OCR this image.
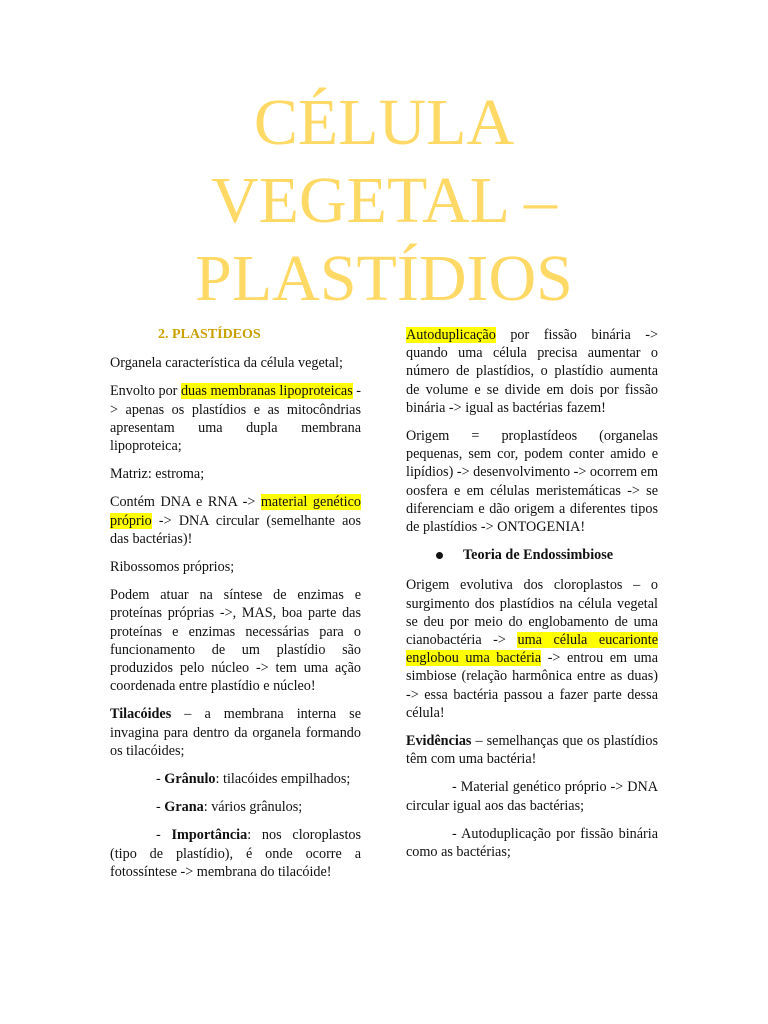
CÉLULA
VEGETAL –
PLASTÍDIOS

2. PLASTÍDEOS

Organela característica da célula vegetal;

Envolto por duas membranas lipoproteicas -> apenas os plastídios e as mitocôndrias apresentam uma dupla membrana lipoproteica;

Matriz: estroma;

Contém DNA e RNA -> material genético próprio -> DNA circular (semelhante aos das bactérias)!

Ribossomos próprios;

Podem atuar na síntese de enzimas e proteínas próprias ->, MAS, boa parte das proteínas e enzimas necessárias para o funcionamento de um plastídio são produzidos pelo núcleo -> tem uma ação coordenada entre plastídio e núcleo!

Tilacóides – a membrana interna se invagina para dentro da organela formando os tilacóides;

- Grânulo: tilacóides empilhados;

- Grana: vários grânulos;

- Importância: nos cloroplastos (tipo de plastídio), é onde ocorre a fotossíntese -> membrana do tilacóide!

Autoduplicação por fissão binária -> quando uma célula precisa aumentar o número de plastídios, o plastídio aumenta de volume e se divide em dois por fissão binária -> igual as bactérias fazem!

Origem = proplastídeos (organelas pequenas, sem cor, podem conter amido e lipídios) -> desenvolvimento -> ocorrem em oosfera e em células meristemáticas -> se diferenciam e dão origem a diferentes tipos de plastídios -> ONTOGENIA!

Teoria de Endossimbiose

Origem evolutiva dos cloroplastos – o surgimento dos plastídios na célula vegetal se deu por meio do englobamento de uma cianobactéria -> uma célula eucarionte englobou uma bactéria -> entrou em uma simbiose (relação harmônica entre as duas) -> essa bactéria passou a fazer parte dessa célula!

Evidências – semelhanças que os plastídios têm com uma bactéria!

- Material genético próprio -> DNA circular igual aos das bactérias;

- Autoduplicação por fissão binária como as bactérias;
